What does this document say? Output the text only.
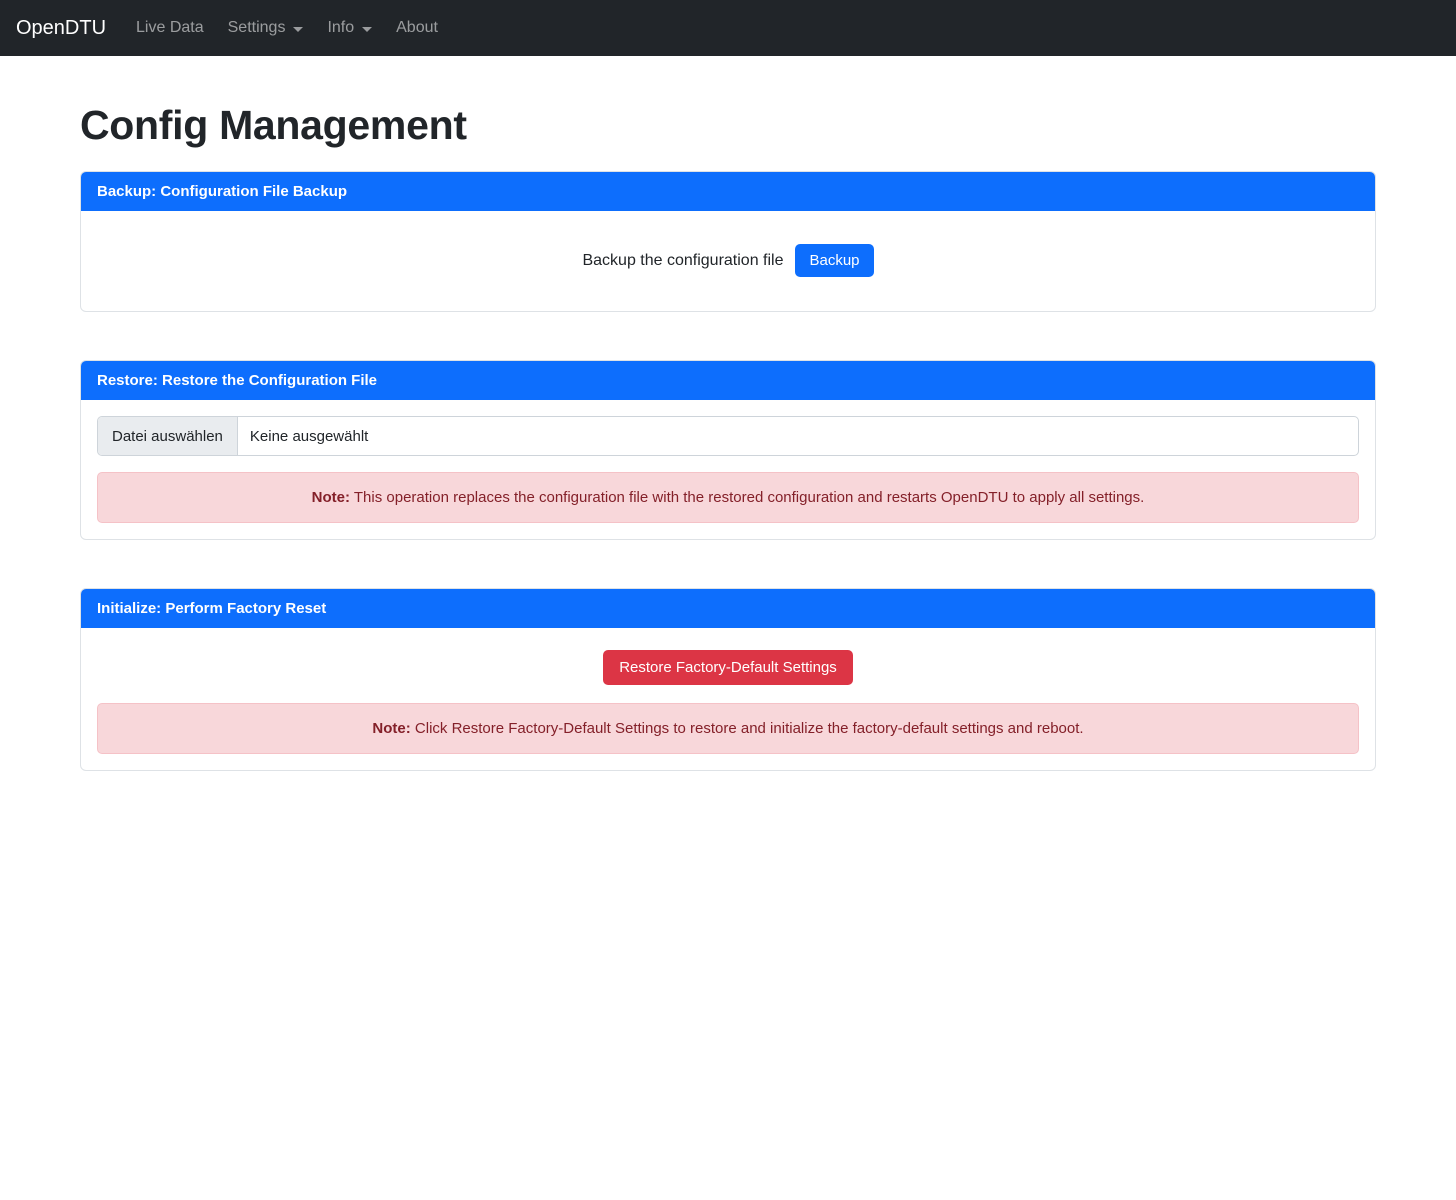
OpenDTU Live Data Settings	Info	About
Config Management
Backup: Configuration File Backup
Backup the configuration file	Backup
Restore: Restore the Configuration File
Datei auswählen	Keine ausgewählt
Note: This operation replaces the configuration file with the restored configuration and restarts OpenDTU to apply all settings.
Initialize: Perform Factory Reset
Restore Factory-Default Settings
Note: Click Restore Factory-Default Settings to restore and initialize the factory-default settings and reboot.
